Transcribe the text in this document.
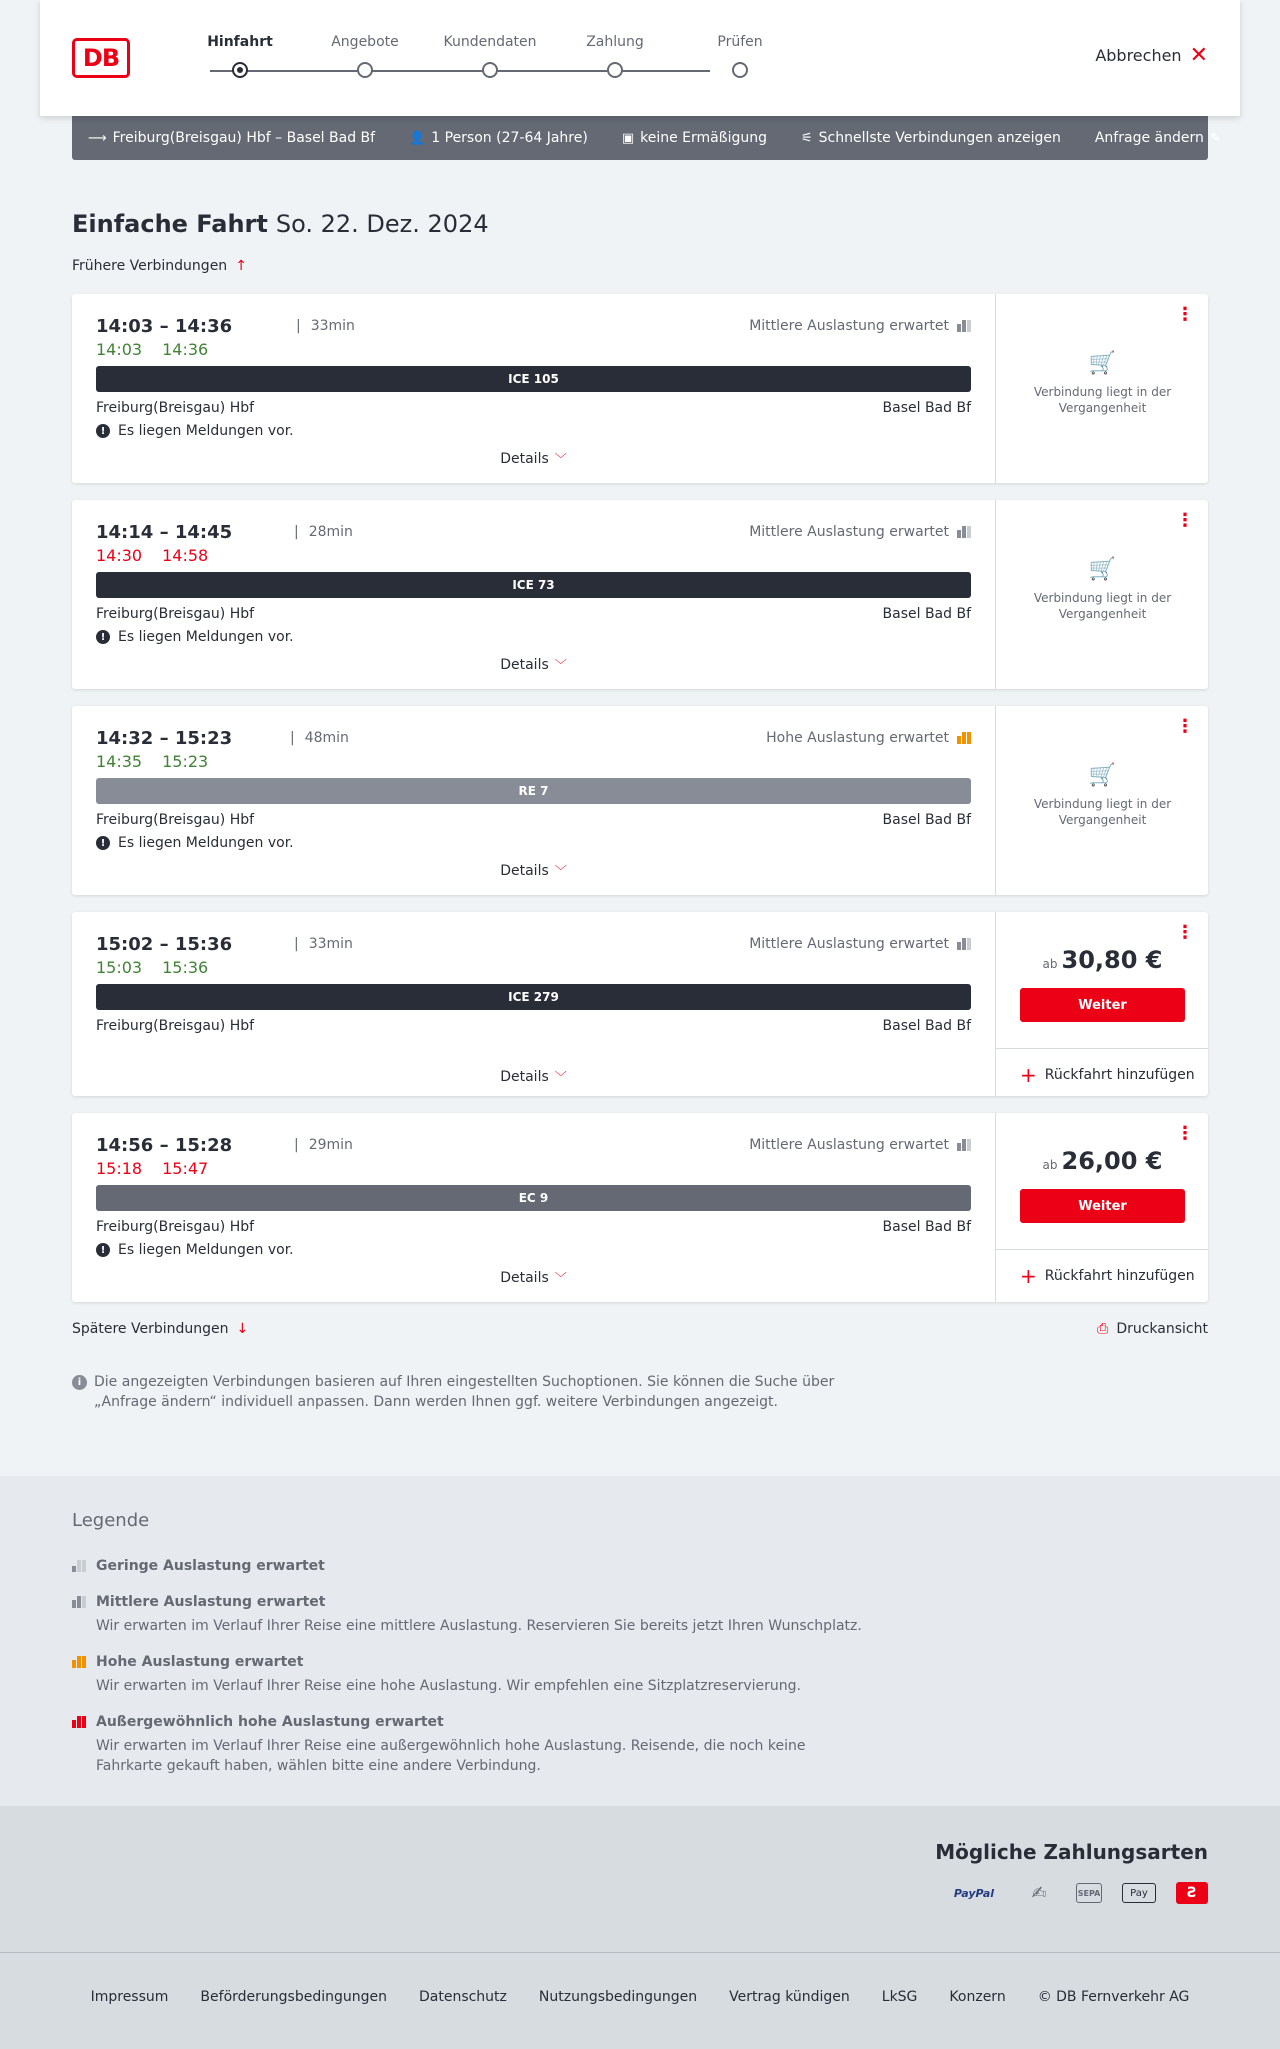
DB
Hinfahrt	Angebote	Kundendaten	Zahlung	Prüfen
Abbrechen ✕
⟶ Freiburg(Breisgau) Hbf – Basel Bad Bf	👤 1 Person (27-64 Jahre)	▣ keine Ermäßigung	⚟ Schnellste Verbindungen anzeigen Anfrage ändern ✎
Einfache Fahrt So. 22. Dez. 2024
Frühere Verbindungen ↑
14:03 – 14:36	| 33min	Mittlere Auslastung erwartet
14:03 14:36
ICE 105
Freiburg(Breisgau) Hbf	Basel Bad Bf
! Es liegen Meldungen vor.
Details ﹀
⋮
🛒
Verbindung liegt in der Vergangenheit
14:14 – 14:45	| 28min	Mittlere Auslastung erwartet
14:30 14:58
ICE 73
Freiburg(Breisgau) Hbf	Basel Bad Bf
! Es liegen Meldungen vor.
Details ﹀
⋮
🛒
Verbindung liegt in der Vergangenheit
14:32 – 15:23	| 48min	Hohe Auslastung erwartet
14:35 15:23
RE 7
Freiburg(Breisgau) Hbf	Basel Bad Bf
! Es liegen Meldungen vor.
Details ﹀
⋮
🛒
Verbindung liegt in der Vergangenheit
15:02 – 15:36	| 33min	Mittlere Auslastung erwartet
15:03 15:36
ICE 279
Freiburg(Breisgau) Hbf	Basel Bad Bf
Details ﹀
⋮
ab 30,80 €
Weiter
+ Rückfahrt hinzufügen
14:56 – 15:28	| 29min	Mittlere Auslastung erwartet
15:18 15:47
EC 9
Freiburg(Breisgau) Hbf	Basel Bad Bf
! Es liegen Meldungen vor.
Details ﹀
⋮
ab 26,00 €
Weiter
+ Rückfahrt hinzufügen
Spätere Verbindungen ↓	⎙ Druckansicht
i Die angezeigten Verbindungen basieren auf Ihren eingestellten Suchoptionen. Sie können die Suche über „Anfrage ändern“ individuell anpassen. Dann werden Ihnen ggf. weitere Verbindungen angezeigt.
Legende
Geringe Auslastung erwartet
Mittlere Auslastung erwartet
Wir erwarten im Verlauf Ihrer Reise eine mittlere Auslastung. Reservieren Sie bereits jetzt Ihren Wunschplatz.
Hohe Auslastung erwartet
Wir erwarten im Verlauf Ihrer Reise eine hohe Auslastung. Wir empfehlen eine Sitzplatzreservierung.
Außergewöhnlich hohe Auslastung erwartet
Wir erwarten im Verlauf Ihrer Reise eine außergewöhnlich hohe Auslastung. Reisende, die noch keine Fahrkarte gekauft haben, wählen bitte eine andere Verbindung.
Mögliche Zahlungsarten
PayPal	✍	SEPA	Pay	Ƨ
Impressum Beförderungsbedingungen Datenschutz Nutzungsbedingungen Vertrag kündigen LkSG Konzern © DB Fernverkehr AG
